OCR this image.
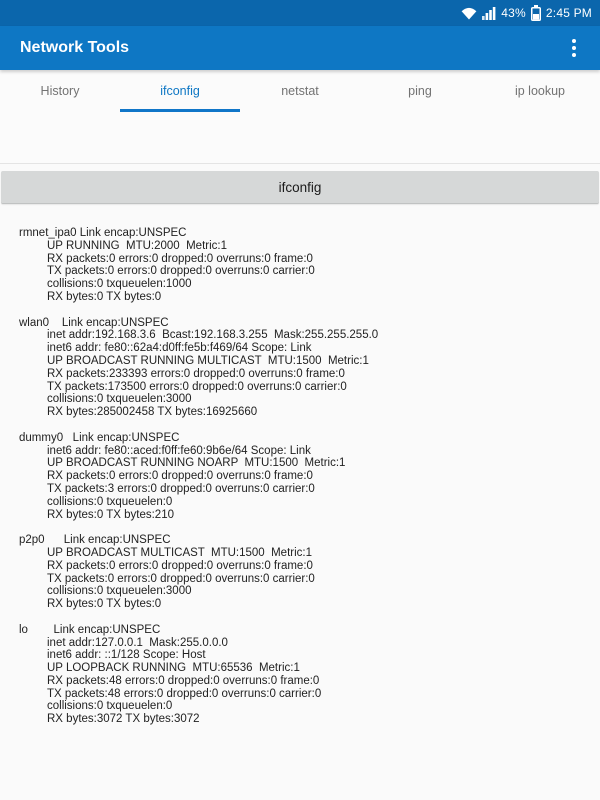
43% 2:45 PM
Network Tools
History	ifconfig	netstat	ping	ip lookup
ifconfig
rmnet_ipa0 Link encap:UNSPEC
UP RUNNING  MTU:2000  Metric:1
RX packets:0 errors:0 dropped:0 overruns:0 frame:0
TX packets:0 errors:0 dropped:0 overruns:0 carrier:0
collisions:0 txqueuelen:1000
RX bytes:0 TX bytes:0
wlan0    Link encap:UNSPEC
inet addr:192.168.3.6  Bcast:192.168.3.255  Mask:255.255.255.0
inet6 addr: fe80::62a4:d0ff:fe5b:f469/64 Scope: Link
UP BROADCAST RUNNING MULTICAST  MTU:1500  Metric:1
RX packets:233393 errors:0 dropped:0 overruns:0 frame:0
TX packets:173500 errors:0 dropped:0 overruns:0 carrier:0
collisions:0 txqueuelen:3000
RX bytes:285002458 TX bytes:16925660
dummy0   Link encap:UNSPEC
inet6 addr: fe80::aced:f0ff:fe60:9b6e/64 Scope: Link
UP BROADCAST RUNNING NOARP  MTU:1500  Metric:1
RX packets:0 errors:0 dropped:0 overruns:0 frame:0
TX packets:3 errors:0 dropped:0 overruns:0 carrier:0
collisions:0 txqueuelen:0
RX bytes:0 TX bytes:210
p2p0      Link encap:UNSPEC
UP BROADCAST MULTICAST  MTU:1500  Metric:1
RX packets:0 errors:0 dropped:0 overruns:0 frame:0
TX packets:0 errors:0 dropped:0 overruns:0 carrier:0
collisions:0 txqueuelen:3000
RX bytes:0 TX bytes:0
lo        Link encap:UNSPEC
inet addr:127.0.0.1  Mask:255.0.0.0
inet6 addr: ::1/128 Scope: Host
UP LOOPBACK RUNNING  MTU:65536  Metric:1
RX packets:48 errors:0 dropped:0 overruns:0 frame:0
TX packets:48 errors:0 dropped:0 overruns:0 carrier:0
collisions:0 txqueuelen:0
RX bytes:3072 TX bytes:3072
